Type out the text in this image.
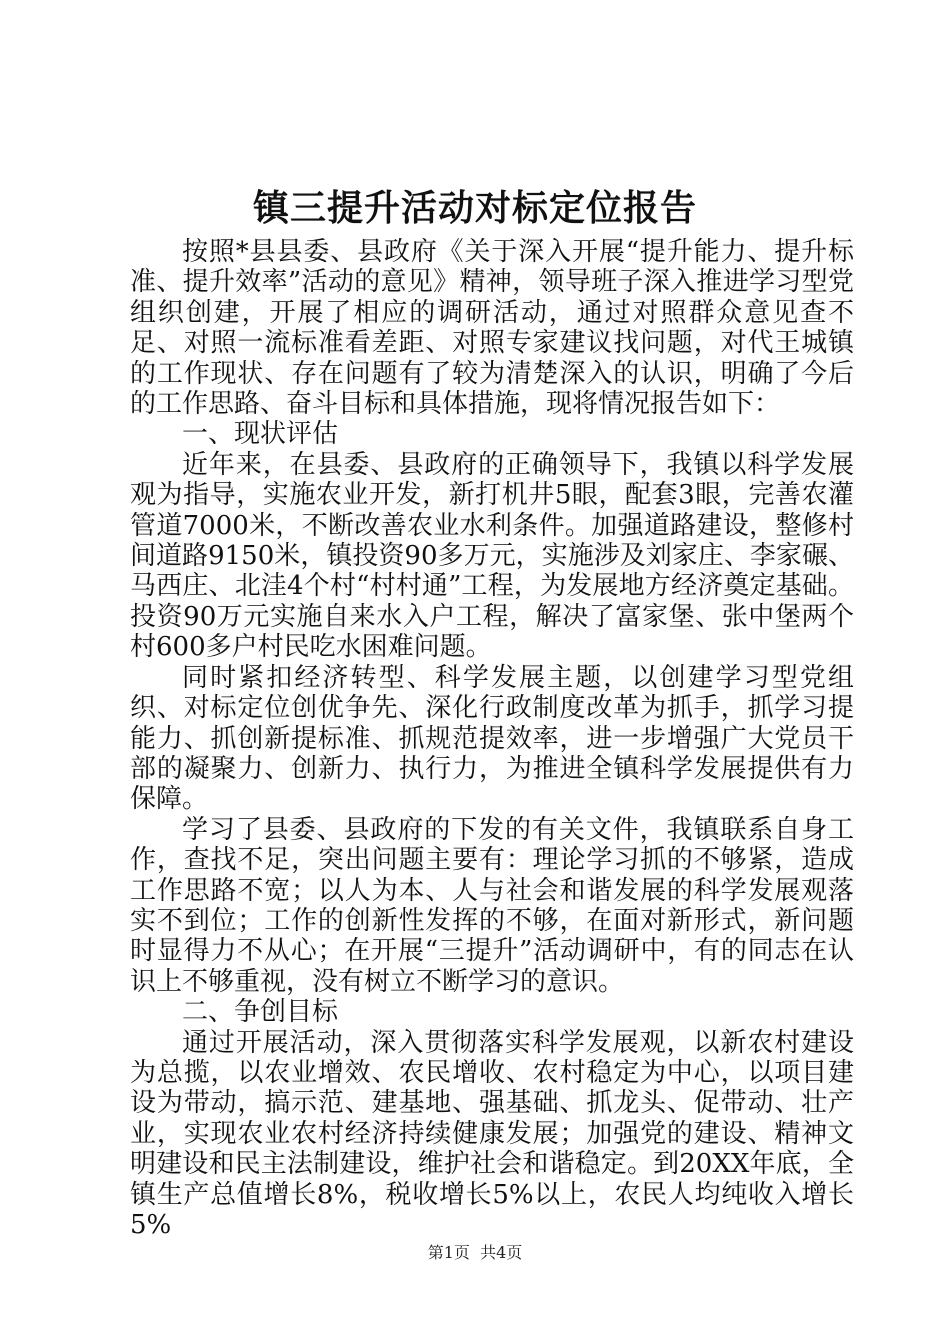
镇三提升活动对标定位报告

按照*县县委、县政府《关于深入开展“提升能力、提升标准、提升效率”活动的意见》精神，领导班子深入推进学习型党组织创建，开展了相应的调研活动，通过对照群众意见查不足、对照一流标准看差距、对照专家建议找问题，对代王城镇的工作现状、存在问题有了较为清楚深入的认识，明确了今后的工作思路、奋斗目标和具体措施，现将情况报告如下：

一、现状评估

近年来，在县委、县政府的正确领导下，我镇以科学发展观为指导，实施农业开发，新打机井5眼，配套3眼，完善农灌管道7000米，不断改善农业水利条件。加强道路建设，整修村间道路9150米，镇投资90多万元，实施涉及刘家庄、李家碾、马西庄、北洼4个村“村村通”工程，为发展地方经济奠定基础。投资90万元实施自来水入户工程，解决了富家堡、张中堡两个村600多户村民吃水困难问题。

同时紧扣经济转型、科学发展主题，以创建学习型党组织、对标定位创优争先、深化行政制度改革为抓手，抓学习提能力、抓创新提标准、抓规范提效率，进一步增强广大党员干部的凝聚力、创新力、执行力，为推进全镇科学发展提供有力保障。

学习了县委、县政府的下发的有关文件，我镇联系自身工作，查找不足，突出问题主要有：理论学习抓的不够紧，造成工作思路不宽；以人为本、人与社会和谐发展的科学发展观落实不到位；工作的创新性发挥的不够，在面对新形式，新问题时显得力不从心；在开展“三提升”活动调研中，有的同志在认识上不够重视，没有树立不断学习的意识。

二、争创目标

通过开展活动，深入贯彻落实科学发展观，以新农村建设为总揽，以农业增效、农民增收、农村稳定为中心，以项目建设为带动，搞示范、建基地、强基础、抓龙头、促带动、壮产业，实现农业农村经济持续健康发展；加强党的建设、精神文明建设和民主法制建设，维护社会和谐稳定。到20XX年底，全镇生产总值增长8%，税收增长5%以上，农民人均纯收入增长5%

第1页  共4页
